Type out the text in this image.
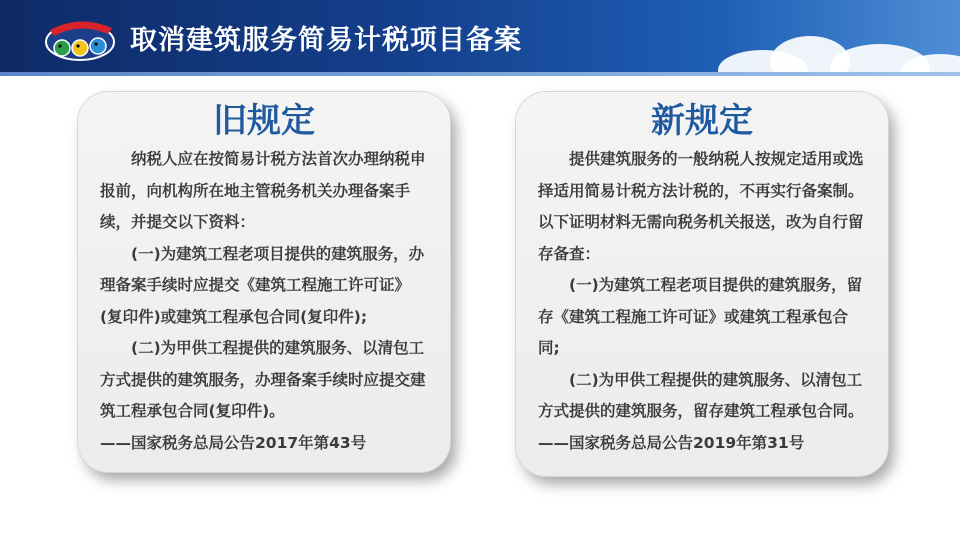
取消建筑服务简易计税项目备案
旧规定

纳税人应在按简易计税方法首次办理纳税申报前，向机构所在地主管税务机关办理备案手续，并提交以下资料：

(一)为建筑工程老项目提供的建筑服务，办理备案手续时应提交《建筑工程施工许可证》(复印件)或建筑工程承包合同(复印件);

(二)为甲供工程提供的建筑服务、以清包工方式提供的建筑服务，办理备案手续时应提交建筑工程承包合同(复印件)。

——国家税务总局公告2017年第43号

新规定

提供建筑服务的一般纳税人按规定适用或选择适用简易计税方法计税的，不再实行备案制。以下证明材料无需向税务机关报送，改为自行留存备查：

(一)为建筑工程老项目提供的建筑服务，留存《建筑工程施工许可证》或建筑工程承包合同;

(二)为甲供工程提供的建筑服务、以清包工方式提供的建筑服务，留存建筑工程承包合同。

——国家税务总局公告2019年第31号
